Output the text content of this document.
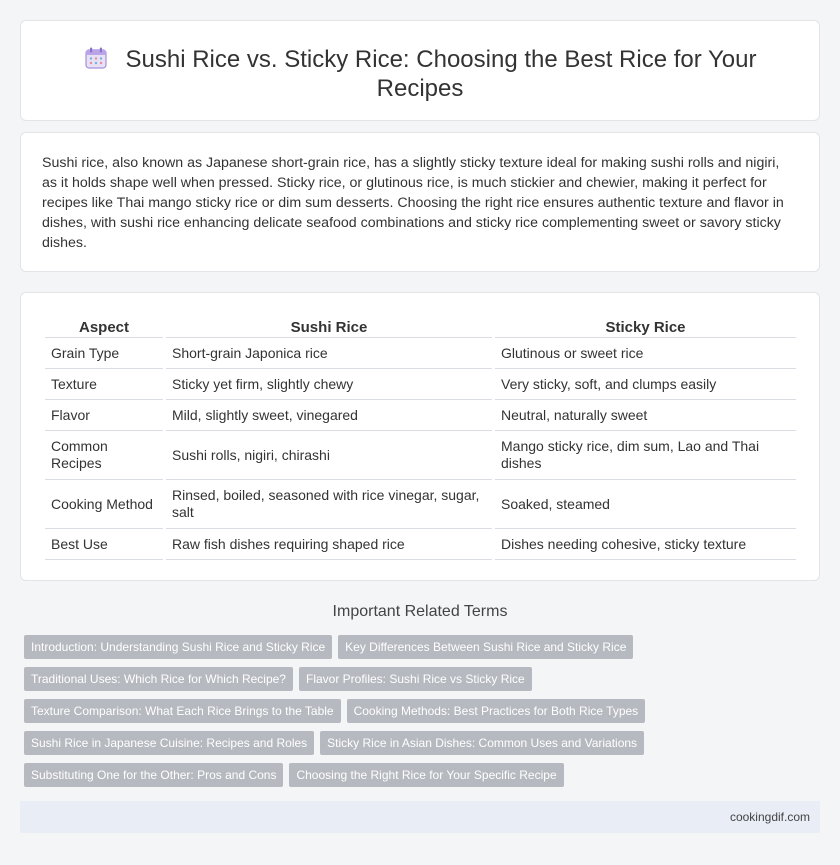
Sushi Rice vs. Sticky Rice: Choosing the Best Rice for Your Recipes

Sushi rice, also known as Japanese short-grain rice, has a slightly sticky texture ideal for making sushi rolls and nigiri, as it holds shape well when pressed. Sticky rice, or glutinous rice, is much stickier and chewier, making it perfect for recipes like Thai mango sticky rice or dim sum desserts. Choosing the right rice ensures authentic texture and flavor in dishes, with sushi rice enhancing delicate seafood combinations and sticky rice complementing sweet or savory sticky dishes.

Aspect	Sushi Rice	Sticky Rice
Grain Type	Short-grain Japonica rice	Glutinous or sweet rice
Texture	Sticky yet firm, slightly chewy	Very sticky, soft, and clumps easily
Flavor	Mild, slightly sweet, vinegared	Neutral, naturally sweet
Common Recipes	Sushi rolls, nigiri, chirashi	Mango sticky rice, dim sum, Lao and Thai dishes
Cooking Method	Rinsed, boiled, seasoned with rice vinegar, sugar, salt	Soaked, steamed
Best Use	Raw fish dishes requiring shaped rice	Dishes needing cohesive, sticky texture
Important Related Terms
Introduction: Understanding Sushi Rice and Sticky Rice Key Differences Between Sushi Rice and Sticky Rice
Traditional Uses: Which Rice for Which Recipe? Flavor Profiles: Sushi Rice vs Sticky Rice
Texture Comparison: What Each Rice Brings to the Table Cooking Methods: Best Practices for Both Rice Types
Sushi Rice in Japanese Cuisine: Recipes and Roles Sticky Rice in Asian Dishes: Common Uses and Variations
Substituting One for the Other: Pros and Cons Choosing the Right Rice for Your Specific Recipe
cookingdif.com
